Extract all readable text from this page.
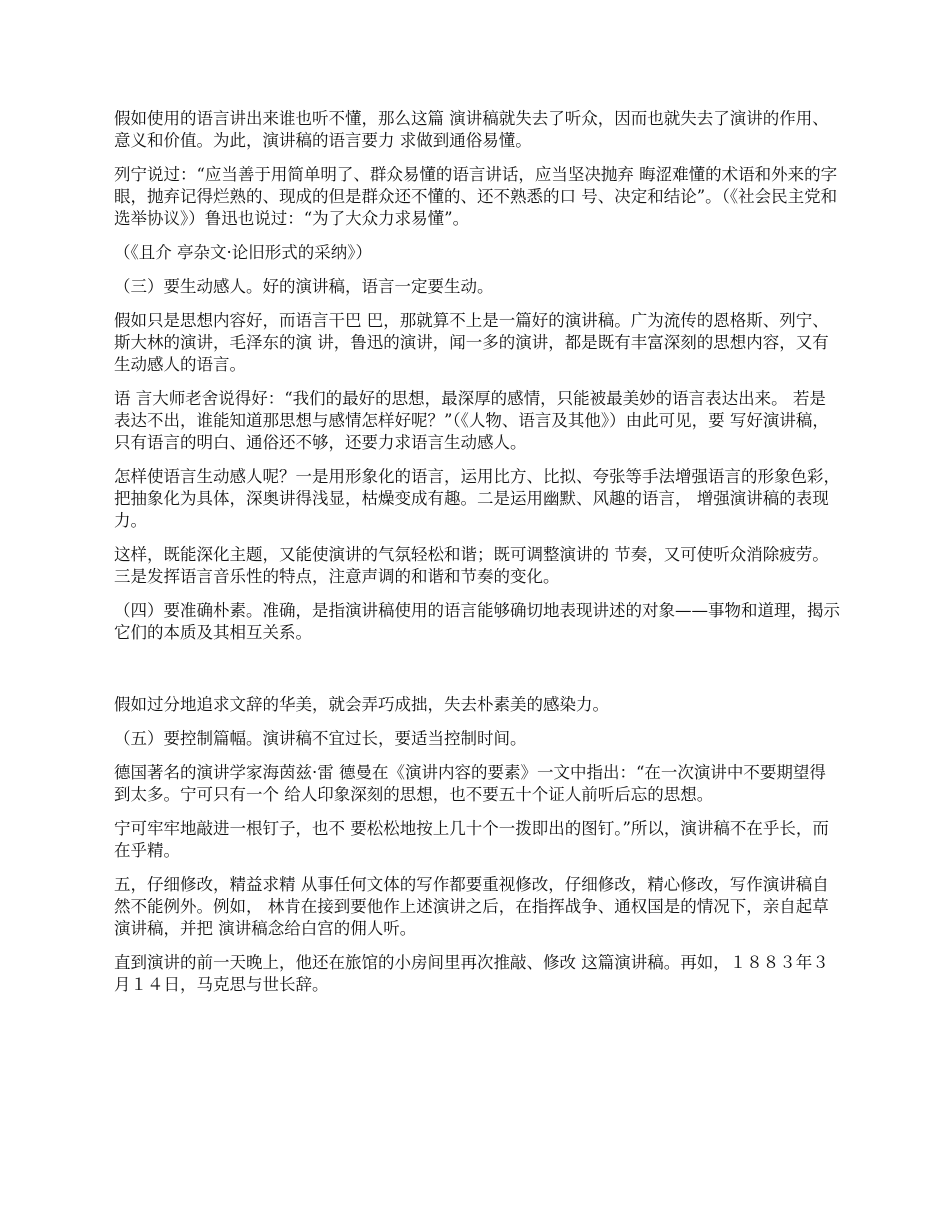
假如使用的语言讲出来谁也听不懂，那么这篇 演讲稿就失去了听众，因而也就失去了演讲的作用、意义和价值。为此，演讲稿的语言要力 求做到通俗易懂。

列宁说过：“应当善于用简单明了、群众易懂的语言讲话，应当坚决抛弃 晦涩难懂的术语和外来的字眼，抛弃记得烂熟的、现成的但是群众还不懂的、还不熟悉的口 号、决定和结论”。（《社会民主党和选举协议》）鲁迅也说过：“为了大众力求易懂”。

（《且介 亭杂文·论旧形式的采纳》）

（三）要生动感人。好的演讲稿，语言一定要生动。

假如只是思想内容好，而语言干巴 巴，那就算不上是一篇好的演讲稿。广为流传的恩格斯、列宁、斯大林的演讲，毛泽东的演 讲，鲁迅的演讲，闻一多的演讲，都是既有丰富深刻的思想内容，又有生动感人的语言。

语 言大师老舍说得好：“我们的最好的思想，最深厚的感情，只能被最美妙的语言表达出来。 若是表达不出，谁能知道那思想与感情怎样好呢？”（《人物、语言及其他》）由此可见，要 写好演讲稿，只有语言的明白、通俗还不够，还要力求语言生动感人。

怎样使语言生动感人呢？一是用形象化的语言，运用比方、比拟、夸张等手法增强语言的形象色彩，把抽象化为具体，深奥讲得浅显，枯燥变成有趣。二是运用幽默、风趣的语言， 增强演讲稿的表现力。

这样，既能深化主题，又能使演讲的气氛轻松和谐；既可调整演讲的 节奏，又可使听众消除疲劳。三是发挥语言音乐性的特点，注意声调的和谐和节奏的变化。

（四）要准确朴素。准确，是指演讲稿使用的语言能够确切地表现讲述的对象——事物和道理，揭示它们的本质及其相互关系。

假如过分地追求文辞的华美，就会弄巧成拙，失去朴素美的感染力。

（五）要控制篇幅。演讲稿不宜过长，要适当控制时间。

德国著名的演讲学家海茵兹·雷 德曼在《演讲内容的要素》一文中指出：“在一次演讲中不要期望得到太多。宁可只有一个 给人印象深刻的思想，也不要五十个证人前听后忘的思想。

宁可牢牢地敲进一根钉子，也不 要松松地按上几十个一拨即出的图钉。”所以，演讲稿不在乎长，而在乎精。

五，仔细修改，精益求精 从事任何文体的写作都要重视修改，仔细修改，精心修改，写作演讲稿自然不能例外。例如， 林肯在接到要他作上述演讲之后，在指挥战争、通权国是的情况下，亲自起草演讲稿，并把 演讲稿念给白宫的佣人听。

直到演讲的前一天晚上，他还在旅馆的小房间里再次推敲、修改 这篇演讲稿。再如，１８８３年３月１４日，马克思与世长辞。
